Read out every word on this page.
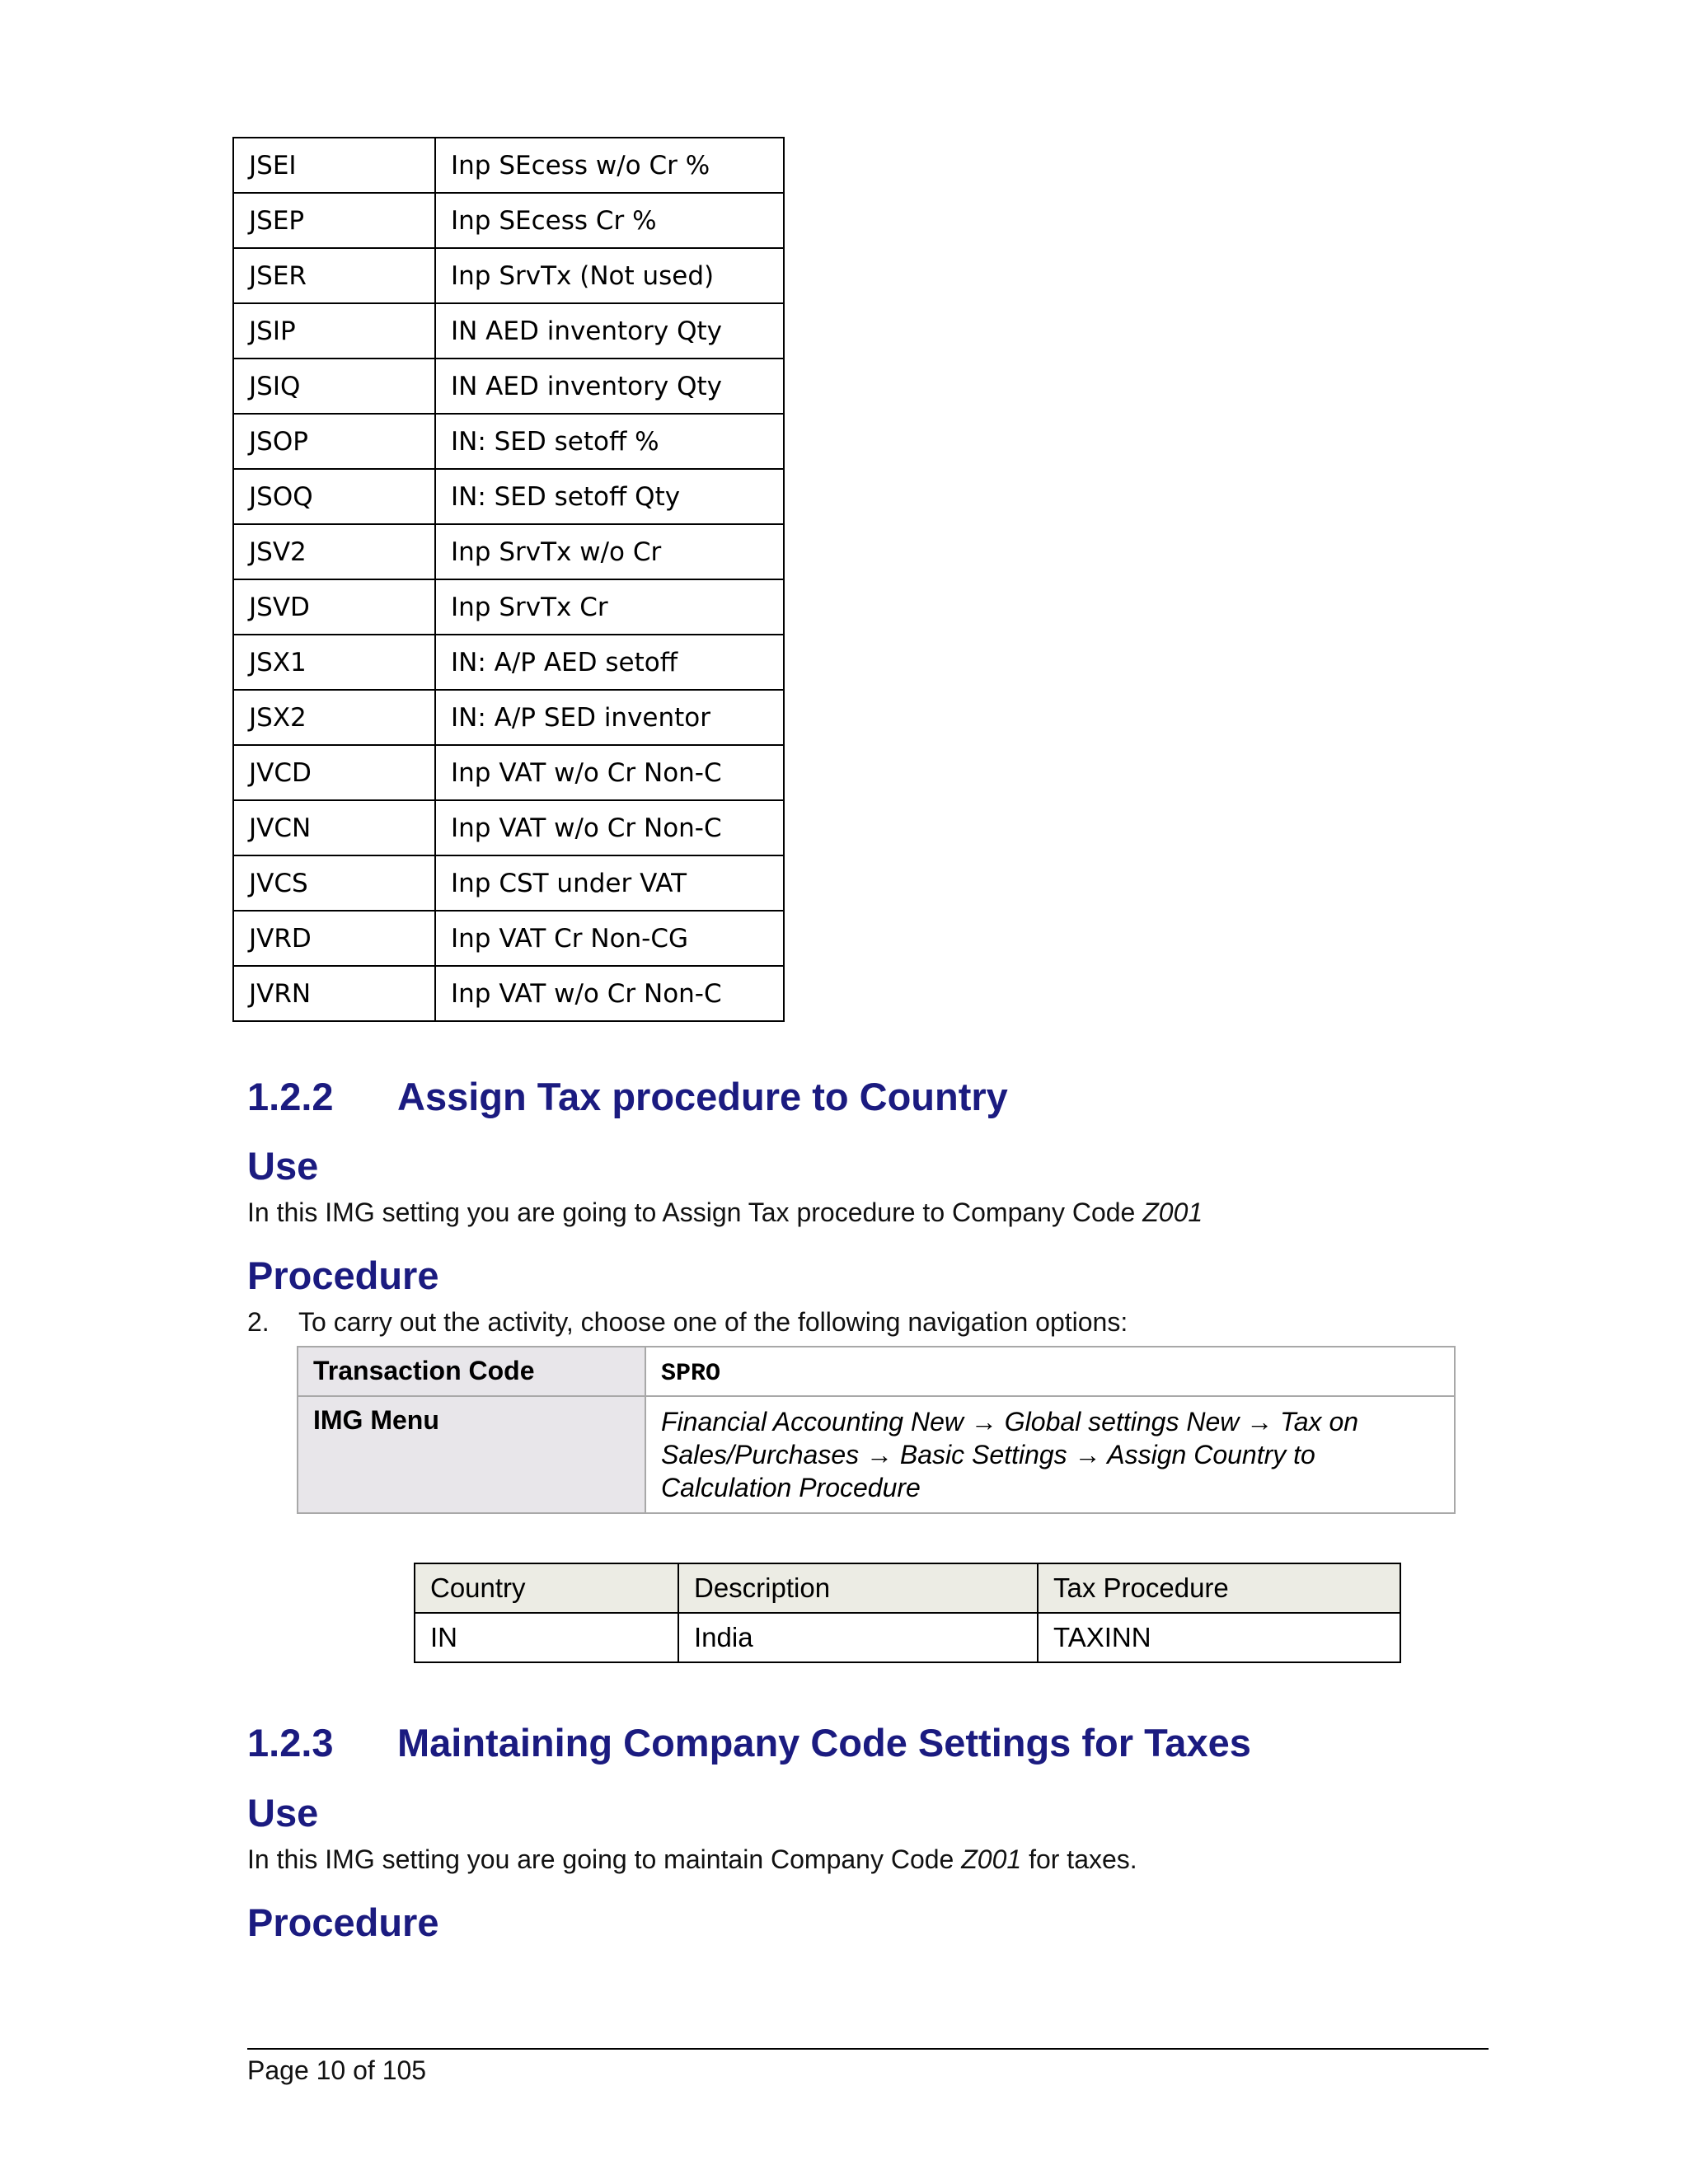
JSEI	Inp SEcess w/o Cr %
JSEP	Inp SEcess Cr %
JSER	Inp SrvTx (Not used)
JSIP	IN AED inventory Qty
JSIQ	IN AED inventory Qty
JSOP	IN: SED setoff %
JSOQ	IN: SED setoff Qty
JSV2	Inp SrvTx w/o Cr
JSVD	Inp SrvTx Cr
JSX1	IN: A/P AED setoff
JSX2	IN: A/P SED inventor
JVCD	Inp VAT w/o Cr Non-C
JVCN	Inp VAT w/o Cr Non-C
JVCS	Inp CST under VAT
JVRD	Inp VAT Cr Non-CG
JVRN	Inp VAT w/o Cr Non-C
1.2.2 Assign Tax procedure to Country
Use
In this IMG setting you are going to Assign Tax procedure to Company Code Z001
Procedure
2. To carry out the activity, choose one of the following navigation options:
Transaction Code	SPRO
IMG Menu	Financial Accounting New → Global settings New → Tax on
Sales/Purchases → Basic Settings → Assign Country to
Calculation Procedure
Country	Description	Tax Procedure
IN	India	TAXINN
1.2.3 Maintaining Company Code Settings for Taxes
Use
In this IMG setting you are going to maintain Company Code Z001 for taxes.
Procedure
Page 10 of 105
